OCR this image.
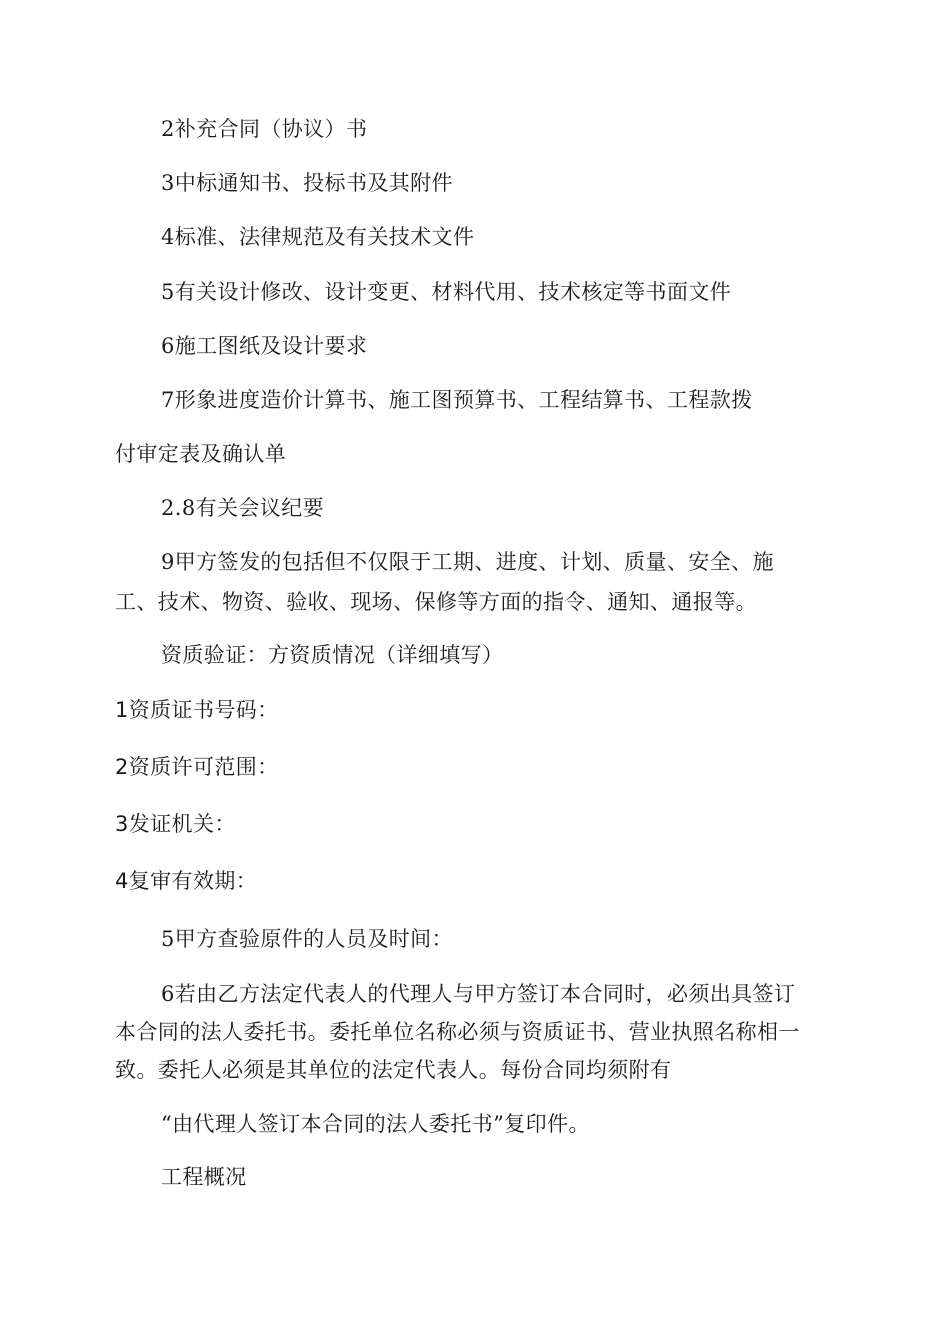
2补充合同（协议）书
3中标通知书、投标书及其附件
4标准、法律规范及有关技术文件
5有关设计修改、设计变更、材料代用、技术核定等书面文件
6施工图纸及设计要求
7形象进度造价计算书、施工图预算书、工程结算书、工程款拨
付审定表及确认单
2.8有关会议纪要
9甲方签发的包括但不仅限于工期、进度、计划、质量、安全、施
工、技术、物资、验收、现场、保修等方面的指令、通知、通报等。
资质验证：方资质情况（详细填写）
1资质证书号码：
2资质许可范围：
3发证机关：
4复审有效期：
5甲方查验原件的人员及时间：
6若由乙方法定代表人的代理人与甲方签订本合同时，必须出具签订
本合同的法人委托书。委托单位名称必须与资质证书、营业执照名称相一
致。委托人必须是其单位的法定代表人。每份合同均须附有
“由代理人签订本合同的法人委托书”复印件。
工程概况
